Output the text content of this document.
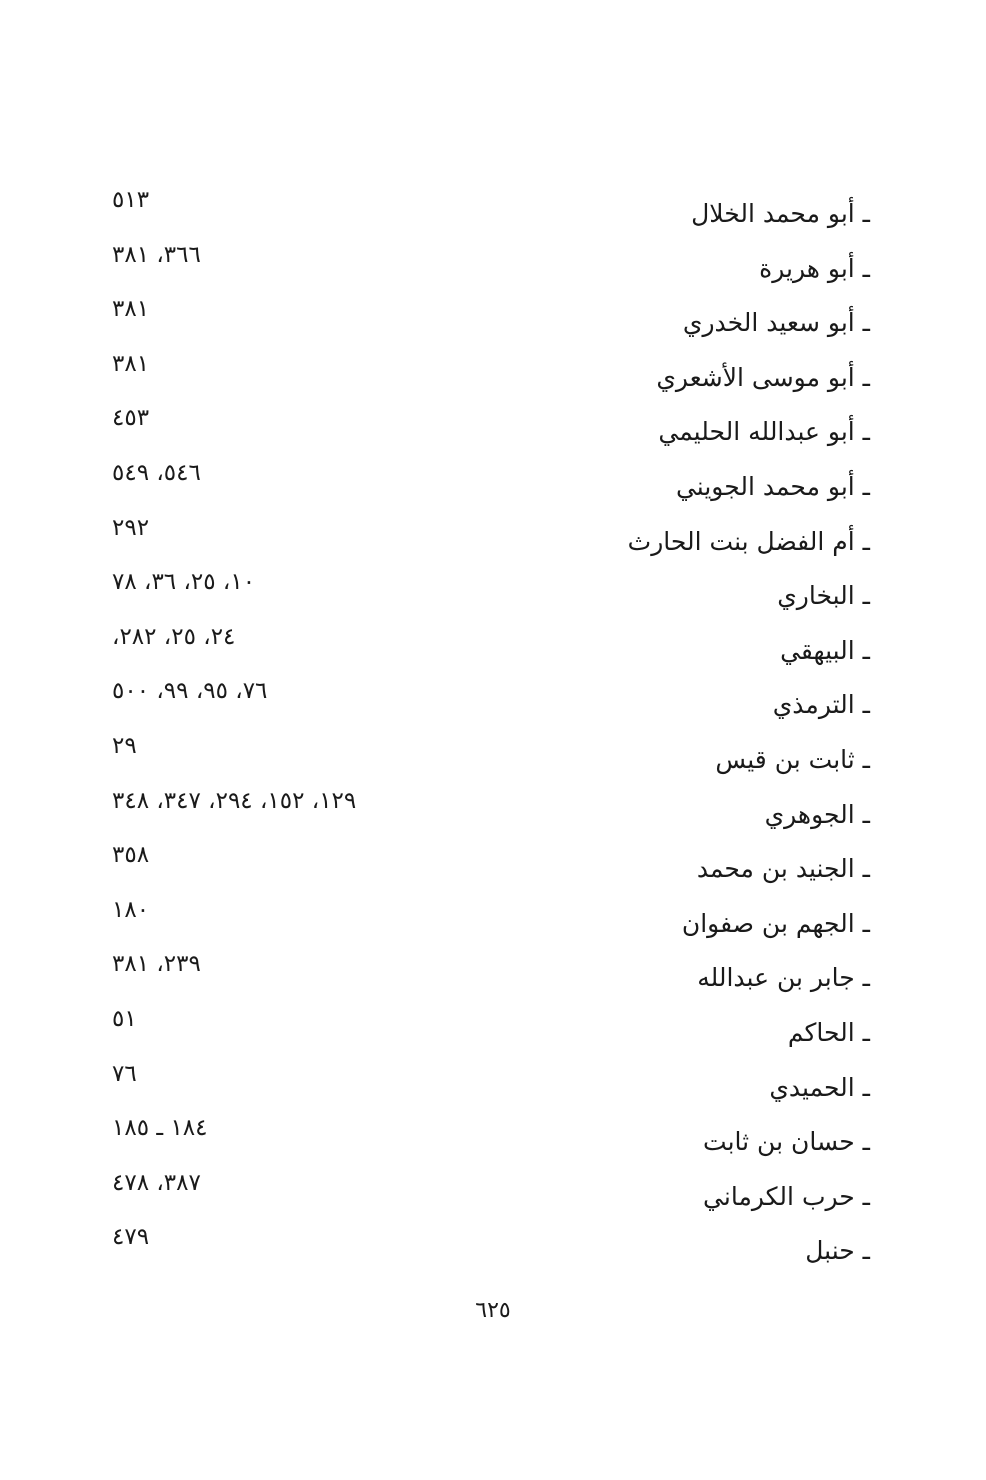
ـ أبو محمد الخلال
٥١٣
ـ أبو هريرة
٣٦٦، ٣٨١
ـ أبو سعيد الخدري
٣٨١
ـ أبو موسى الأشعري
٣٨١
ـ أبو عبدالله الحليمي
٤٥٣
ـ أبو محمد الجويني
٥٤٦، ٥٤٩
ـ أم الفضل بنت الحارث
٢٩٢
ـ البخاري
١٠، ٢٥، ٣٦، ٧٨
ـ البيهقي
٢٤، ٢٥، ٢٨٢،
ـ الترمذي
٧٦، ٩٥، ٩٩، ٥٠٠
ـ ثابت بن قيس
٢٩
ـ الجوهري
١٢٩، ١٥٢، ٢٩٤، ٣٤٧، ٣٤٨
ـ الجنيد بن محمد
٣٥٨
ـ الجهم بن صفوان
١٨٠
ـ جابر بن عبدالله
٢٣٩، ٣٨١
ـ الحاكم
٥١
ـ الحميدي
٧٦
ـ حسان بن ثابت
١٨٤ ـ ١٨٥
ـ حرب الكرماني
٣٨٧، ٤٧٨
ـ حنبل
٤٧٩
٦٢٥
